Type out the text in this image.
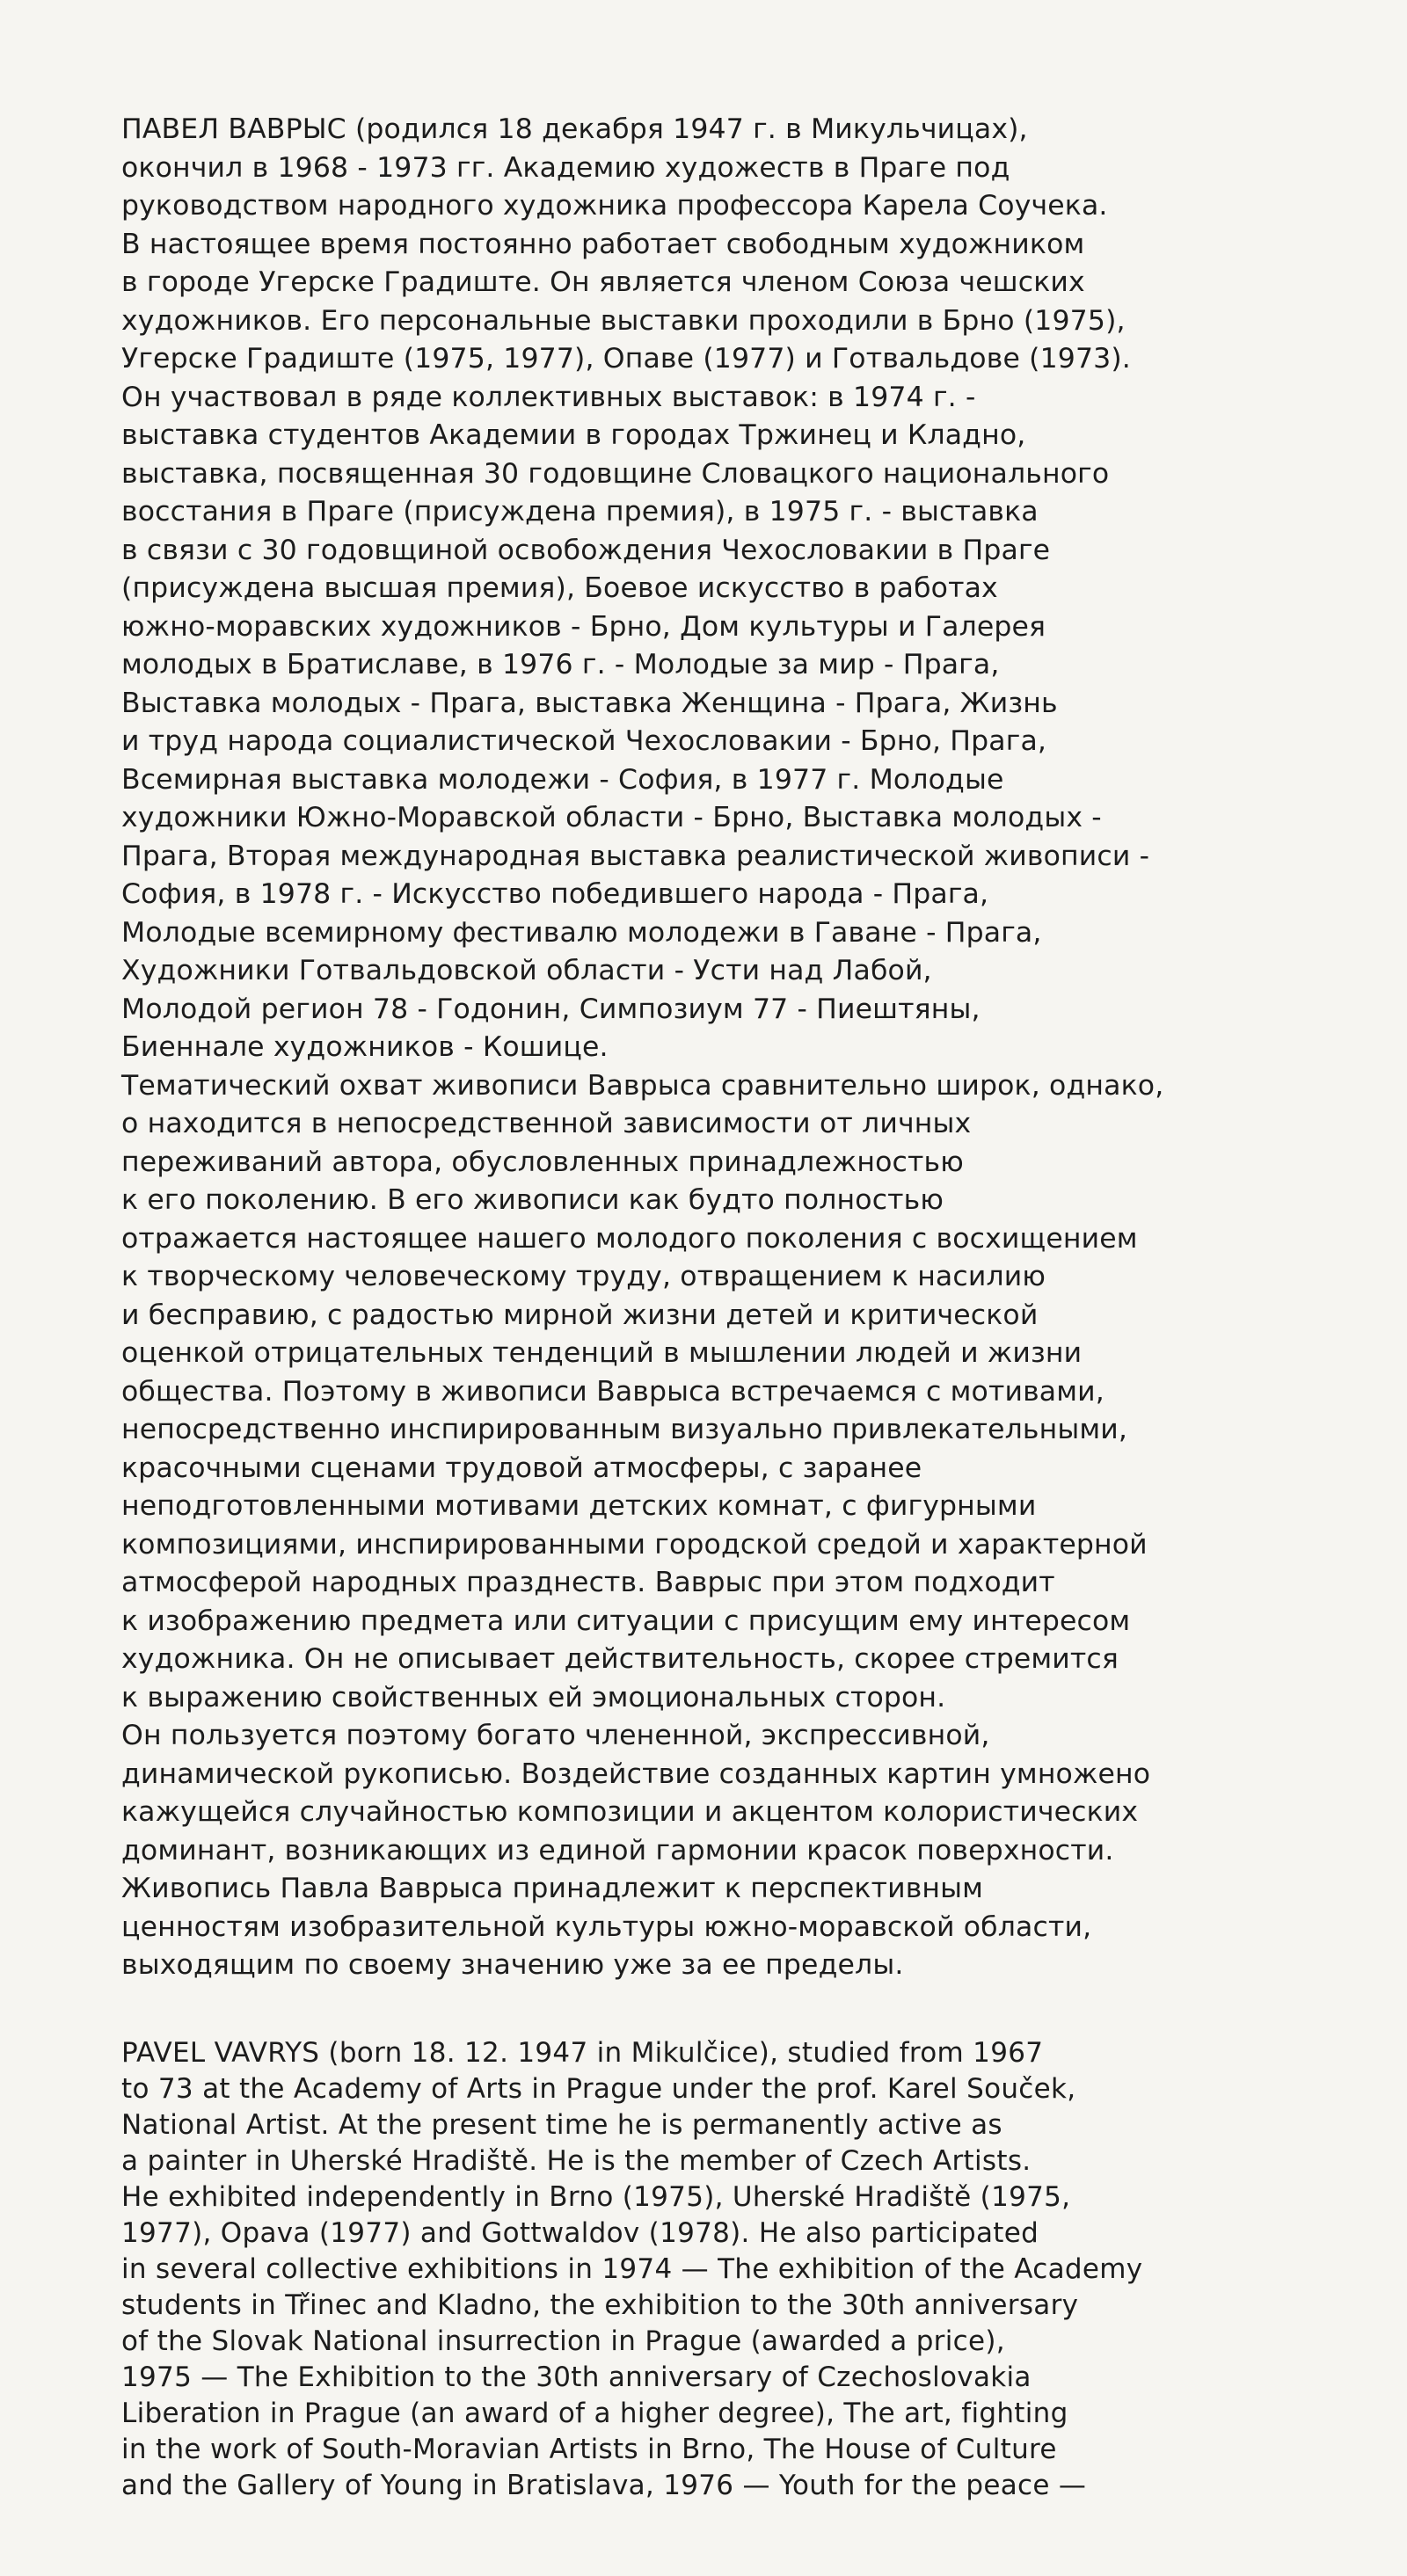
ПАВЕЛ ВАВРЫС (родился 18 декабря 1947 г. в Микульчицах),
окончил в 1968 - 1973 гг. Академию художеств в Праге под
руководством народного художника профессора Карела Соучека.
В настоящее время постоянно работает свободным художником
в городе Угерске Градиште. Он является членом Союза чешских
художников. Его персональные выставки проходили в Брно (1975),
Угерске Градиште (1975, 1977), Опаве (1977) и Готвальдове (1973).
Он участвовал в ряде коллективных выставок: в 1974 г. -
выставка студентов Академии в городах Тржинец и Кладно,
выставка, посвященная 30 годовщине Словацкого национального
восстания в Праге (присуждена премия), в 1975 г. - выставка
в связи с 30 годовщиной освобождения Чехословакии в Праге
(присуждена высшая премия), Боевое искусство в работах
южно-моравских художников - Брно, Дом культуры и Галерея
молодых в Братиславе, в 1976 г. - Молодые за мир - Прага,
Выставка молодых - Прага, выставка Женщина - Прага, Жизнь
и труд народа социалистической Чехословакии - Брно, Прага,
Всемирная выставка молодежи - София, в 1977 г. Молодые
художники Южно-Моравской области - Брно, Выставка молодых -
Прага, Вторая международная выставка реалистической живописи -
София, в 1978 г. - Искусство победившего народа - Прага,
Молодые всемирному фестивалю молодежи в Гаване - Прага,
Художники Готвальдовской области - Усти над Лабой,
Молодой регион 78 - Годонин, Симпозиум 77 - Пиештяны,
Биеннале художников - Кошице.
Тематический охват живописи Вавpыса сравнительно широк, однако,
о находится в непосредственной зависимости от личных
переживаний автора, обусловленных принадлежностью
к его поколению. В его живописи как будто полностью
отражается настоящее нашего молодого поколения с восхищением
к творческому человеческому труду, отвращением к насилию
и бесправию, с радостью мирной жизни детей и критической
оценкой отрицательных тенденций в мышлении людей и жизни
общества. Поэтому в живописи Вавpыса встречаемся с мотивами,
непосредственно инспирированным визуально привлекательными,
красочными сценами трудовой атмосферы, с заранее
неподготовленными мотивами детских комнат, с фигурными
композициями, инспирированными городской средой и характерной
атмосферой народных празднеств. Вавpыс при этом подходит
к изображению предмета или ситуации с присущим ему интересом
художника. Он не описывает действительность, скорее стремится
к выражению свойственных ей эмоциональных сторон.
Он пользуется поэтому богато члененной, экспрессивной,
динамической рукописью. Воздействие созданных картин умножено
кажущейся случайностью композиции и акцентом колористических
доминант, возникающих из единой гармонии красок поверхности.
Живопись Павла Вавpыса принадлежит к перспективным
ценностям изобразительной культуры южно-моравской области,
выходящим по своему значению уже за ее пределы.
PAVEL VAVRYS (born 18. 12. 1947 in Mikulčice), studied from 1967
to 73 at the Academy of Arts in Prague under the prof. Karel Souček,
National Artist. At the present time he is permanently active as
a painter in Uherské Hradiště. He is the member of Czech Artists.
He exhibited independently in Brno (1975), Uherské Hradiště (1975,
1977), Opava (1977) and Gottwaldov (1978). He also participated
in several collective exhibitions in 1974 — The exhibition of the Academy
students in Třinec and Kladno, the exhibition to the 30th anniversary
of the Slovak National insurrection in Prague (awarded a price),
1975 — The Exhibition to the 30th anniversary of Czechoslovakia
Liberation in Prague (an award of a higher degree), The art, fighting
in the work of South-Moravian Artists in Brno, The House of Culture
and the Gallery of Young in Bratislava, 1976 — Youth for the peace —
